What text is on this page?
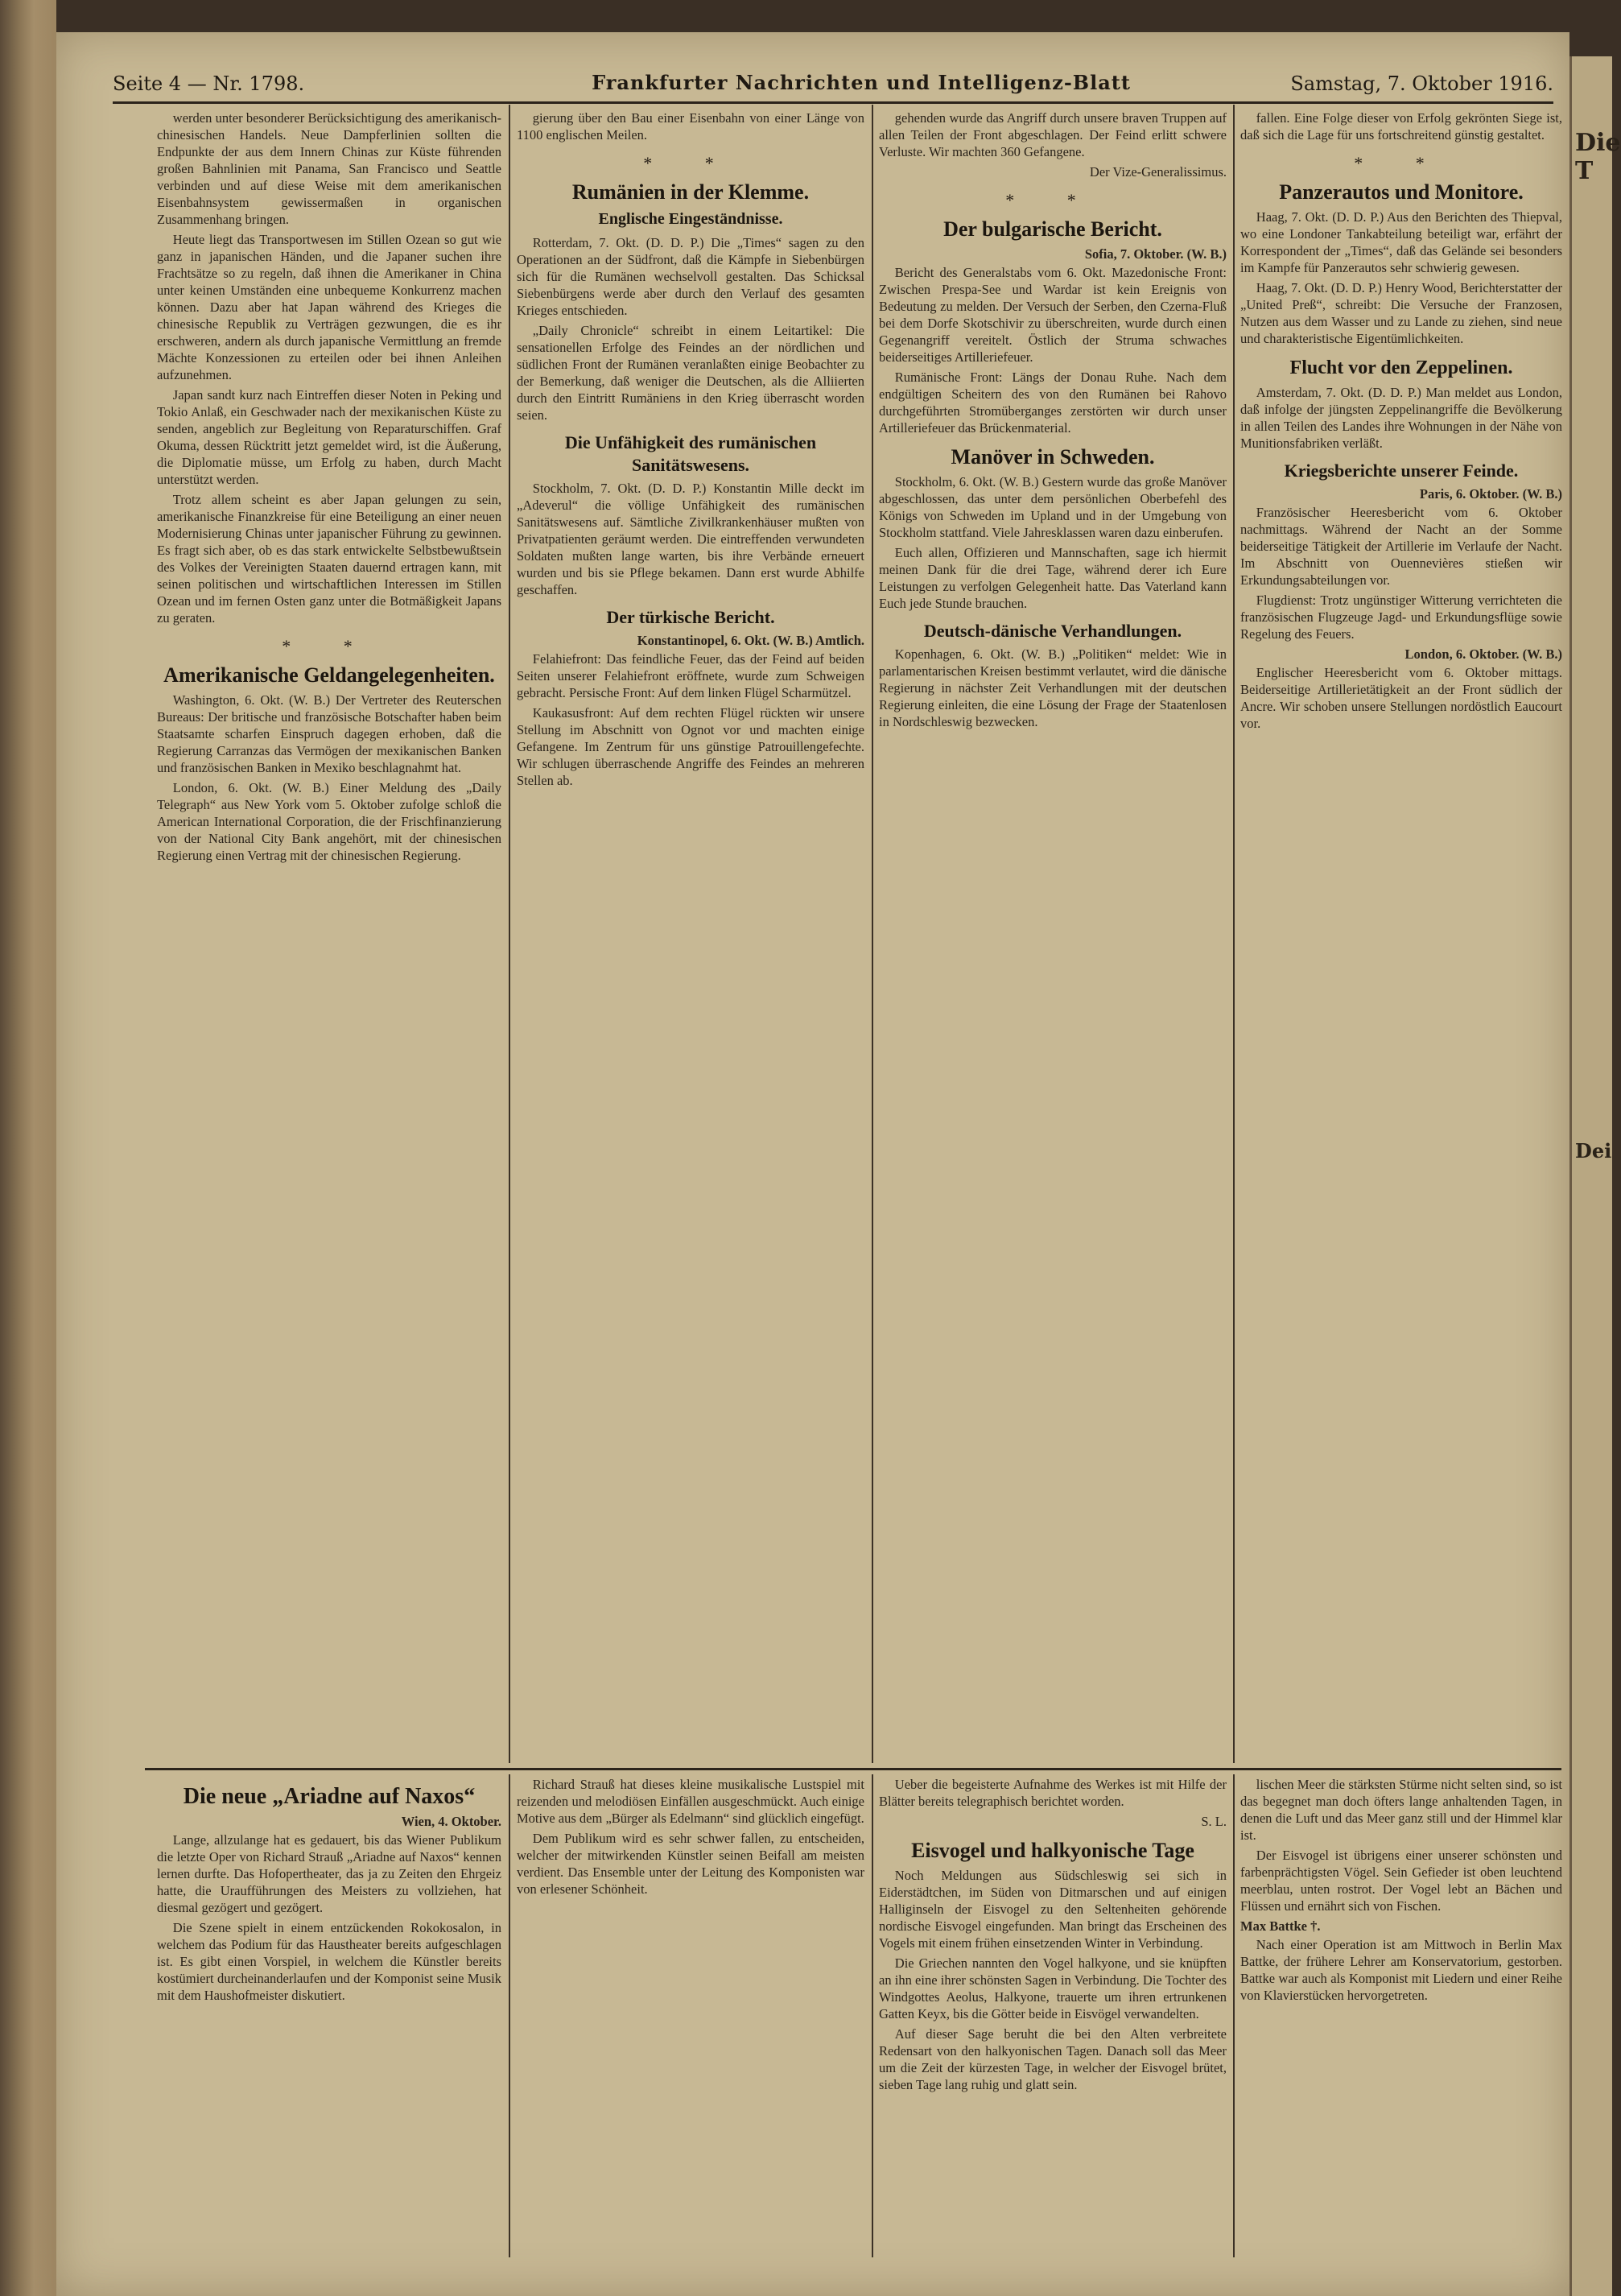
Die T
Dei
Seite 4 — Nr. 1798.	Frankfurter Nachrichten und Intelligenz-Blatt	Samstag, 7. Oktober 1916.

werden unter besonderer Berücksichtigung des amerikanisch-chinesischen Handels. Neue Dampferlinien sollten die Endpunkte der aus dem Innern Chinas zur Küste führenden großen Bahnlinien mit Panama, San Francisco und Seattle verbinden und auf diese Weise mit dem amerikanischen Eisenbahnsystem gewissermaßen in organischen Zusammenhang bringen.

Heute liegt das Transportwesen im Stillen Ozean so gut wie ganz in japanischen Händen, und die Japaner suchen ihre Frachtsätze so zu regeln, daß ihnen die Amerikaner in China unter keinen Umständen eine unbequeme Konkurrenz machen können. Dazu aber hat Japan während des Krieges die chinesische Republik zu Verträgen gezwungen, die es ihr erschweren, andern als durch japanische Vermittlung an fremde Mächte Konzessionen zu erteilen oder bei ihnen Anleihen aufzunehmen.

Japan sandt kurz nach Eintreffen dieser Noten in Peking und Tokio Anlaß, ein Geschwader nach der mexikanischen Küste zu senden, angeblich zur Begleitung von Reparaturschiffen. Graf Okuma, dessen Rücktritt jetzt gemeldet wird, ist die Äußerung, die Diplomatie müsse, um Erfolg zu haben, durch Macht unterstützt werden.

Trotz allem scheint es aber Japan gelungen zu sein, amerikanische Finanzkreise für eine Beteiligung an einer neuen Modernisierung Chinas unter japanischer Führung zu gewinnen. Es fragt sich aber, ob es das stark entwickelte Selbstbewußtsein des Volkes der Vereinigten Staaten dauernd ertragen kann, mit seinen politischen und wirtschaftlichen Interessen im Stillen Ozean und im fernen Osten ganz unter die Botmäßigkeit Japans zu geraten.

* *
Amerikanische Geldangelegenheiten.

Washington, 6. Okt. (W. B.) Der Vertreter des Reuterschen Bureaus: Der britische und französische Botschafter haben beim Staatsamte scharfen Einspruch dagegen erhoben, daß die Regierung Carranzas das Vermögen der mexikanischen Banken und französischen Banken in Mexiko beschlagnahmt hat.

London, 6. Okt. (W. B.) Einer Meldung des „Daily Telegraph“ aus New York vom 5. Oktober zufolge schloß die American International Corporation, die der Frischfinanzierung von der National City Bank angehört, mit der chinesischen Regierung einen Vertrag mit der chinesischen Regierung.

gierung über den Bau einer Eisenbahn von einer Länge von 1100 englischen Meilen.

* *
Rumänien in der Klemme.
Englische Eingeständnisse.

Rotterdam, 7. Okt. (D. D. P.) Die „Times“ sagen zu den Operationen an der Südfront, daß die Kämpfe in Siebenbürgen sich für die Rumänen wechselvoll gestalten. Das Schicksal Siebenbürgens werde aber durch den Verlauf des gesamten Krieges entschieden.

„Daily Chronicle“ schreibt in einem Leitartikel: Die sensationellen Erfolge des Feindes an der nördlichen und südlichen Front der Rumänen veranlaßten einige Beobachter zu der Bemerkung, daß weniger die Deutschen, als die Alliierten durch den Eintritt Rumäniens in den Krieg überrascht worden seien.

Die Unfähigkeit des rumänischen Sanitätswesens.

Stockholm, 7. Okt. (D. D. P.) Konstantin Mille deckt im „Adeverul“ die völlige Unfähigkeit des rumänischen Sanitätswesens auf. Sämtliche Zivilkrankenhäuser mußten von Privatpatienten geräumt werden. Die eintreffenden verwundeten Soldaten mußten lange warten, bis ihre Verbände erneuert wurden und bis sie Pflege bekamen. Dann erst wurde Abhilfe geschaffen.

Der türkische Bericht.
Konstantinopel, 6. Okt. (W. B.) Amtlich.

Felahiefront: Das feindliche Feuer, das der Feind auf beiden Seiten unserer Felahiefront eröffnete, wurde zum Schweigen gebracht. Persische Front: Auf dem linken Flügel Scharmützel.

Kaukasusfront: Auf dem rechten Flügel rückten wir unsere Stellung im Abschnitt von Ognot vor und machten einige Gefangene. Im Zentrum für uns günstige Patrouillengefechte. Wir schlugen überraschende Angriffe des Feindes an mehreren Stellen ab.

gehenden wurde das Angriff durch unsere braven Truppen auf allen Teilen der Front abgeschlagen. Der Feind erlitt schwere Verluste. Wir machten 360 Gefangene.

Der Vize-Generalissimus.
* *
Der bulgarische Bericht.
Sofia, 7. Oktober. (W. B.)

Bericht des Generalstabs vom 6. Okt. Mazedonische Front: Zwischen Prespa-See und Wardar ist kein Ereignis von Bedeutung zu melden. Der Versuch der Serben, den Czerna-Fluß bei dem Dorfe Skotschivir zu überschreiten, wurde durch einen Gegenangriff vereitelt. Östlich der Struma schwaches beiderseitiges Artilleriefeuer.

Rumänische Front: Längs der Donau Ruhe. Nach dem endgültigen Scheitern des von den Rumänen bei Rahovo durchgeführten Stromüberganges zerstörten wir durch unser Artilleriefeuer das Brückenmaterial.

Manöver in Schweden.

Stockholm, 6. Okt. (W. B.) Gestern wurde das große Manöver abgeschlossen, das unter dem persönlichen Oberbefehl des Königs von Schweden im Upland und in der Umgebung von Stockholm stattfand. Viele Jahresklassen waren dazu einberufen.

Euch allen, Offizieren und Mannschaften, sage ich hiermit meinen Dank für die drei Tage, während derer ich Eure Leistungen zu verfolgen Gelegenheit hatte. Das Vaterland kann Euch jede Stunde brauchen.

Deutsch-dänische Verhandlungen.

Kopenhagen, 6. Okt. (W. B.) „Politiken“ meldet: Wie in parlamentarischen Kreisen bestimmt verlautet, wird die dänische Regierung in nächster Zeit Verhandlungen mit der deutschen Regierung einleiten, die eine Lösung der Frage der Staatenlosen in Nordschleswig bezwecken.

fallen. Eine Folge dieser von Erfolg gekrönten Siege ist, daß sich die Lage für uns fortschreitend günstig gestaltet.

* *
Panzerautos und Monitore.

Haag, 7. Okt. (D. D. P.) Aus den Berichten des Thiepval, wo eine Londoner Tankabteilung beteiligt war, erfährt der Korrespondent der „Times“, daß das Gelände sei besonders im Kampfe für Panzerautos sehr schwierig gewesen.

Haag, 7. Okt. (D. D. P.) Henry Wood, Berichterstatter der „United Preß“, schreibt: Die Versuche der Franzosen, Nutzen aus dem Wasser und zu Lande zu ziehen, sind neue und charakteristische Eigentümlichkeiten.

Flucht vor den Zeppelinen.

Amsterdam, 7. Okt. (D. D. P.) Man meldet aus London, daß infolge der jüngsten Zeppelinangriffe die Bevölkerung in allen Teilen des Landes ihre Wohnungen in der Nähe von Munitionsfabriken verläßt.

Kriegsberichte unserer Feinde.
Paris, 6. Oktober. (W. B.)

Französischer Heeresbericht vom 6. Oktober nachmittags. Während der Nacht an der Somme beiderseitige Tätigkeit der Artillerie im Verlaufe der Nacht. Im Abschnitt von Ouennevières stießen wir Erkundungsabteilungen vor.

Flugdienst: Trotz ungünstiger Witterung verrichteten die französischen Flugzeuge Jagd- und Erkundungsflüge sowie Regelung des Feuers.

London, 6. Oktober. (W. B.)

Englischer Heeresbericht vom 6. Oktober mittags. Beiderseitige Artillerietätigkeit an der Front südlich der Ancre. Wir schoben unsere Stellungen nordöstlich Eaucourt vor.

Die neue „Ariadne auf Naxos“
Wien, 4. Oktober.

Lange, allzulange hat es gedauert, bis das Wiener Publikum die letzte Oper von Richard Strauß „Ariadne auf Naxos“ kennen lernen durfte. Das Hofopertheater, das ja zu Zeiten den Ehrgeiz hatte, die Uraufführungen des Meisters zu vollziehen, hat diesmal gezögert und gezögert.

Die Szene spielt in einem entzückenden Rokokosalon, in welchem das Podium für das Haustheater bereits aufgeschlagen ist. Es gibt einen Vorspiel, in welchem die Künstler bereits kostümiert durcheinanderlaufen und der Komponist seine Musik mit dem Haushofmeister diskutiert.

Richard Strauß hat dieses kleine musikalische Lustspiel mit reizenden und melodiösen Einfällen ausgeschmückt. Auch einige Motive aus dem „Bürger als Edelmann“ sind glücklich eingefügt.

Dem Publikum wird es sehr schwer fallen, zu entscheiden, welcher der mitwirkenden Künstler seinen Beifall am meisten verdient. Das Ensemble unter der Leitung des Komponisten war von erlesener Schönheit.

Ueber die begeisterte Aufnahme des Werkes ist mit Hilfe der Blätter bereits telegraphisch berichtet worden.

S. L.
Eisvogel und halkyonische Tage

Noch Meldungen aus Südschleswig sei sich in Eiderstädtchen, im Süden von Ditmarschen und auf einigen Halliginseln der Eisvogel zu den Seltenheiten gehörende nordische Eisvogel eingefunden. Man bringt das Erscheinen des Vogels mit einem frühen einsetzenden Winter in Verbindung.

Die Griechen nannten den Vogel halkyone, und sie knüpften an ihn eine ihrer schönsten Sagen in Verbindung. Die Tochter des Windgottes Aeolus, Halkyone, trauerte um ihren ertrunkenen Gatten Keyx, bis die Götter beide in Eisvögel verwandelten.

Auf dieser Sage beruht die bei den Alten verbreitete Redensart von den halkyonischen Tagen. Danach soll das Meer um die Zeit der kürzesten Tage, in welcher der Eisvogel brütet, sieben Tage lang ruhig und glatt sein.

lischen Meer die stärksten Stürme nicht selten sind, so ist das begegnet man doch öfters lange anhaltenden Tagen, in denen die Luft und das Meer ganz still und der Himmel klar ist.

Der Eisvogel ist übrigens einer unserer schönsten und farbenprächtigsten Vögel. Sein Gefieder ist oben leuchtend meerblau, unten rostrot. Der Vogel lebt an Bächen und Flüssen und ernährt sich von Fischen.

Max Battke †.

Nach einer Operation ist am Mittwoch in Berlin Max Battke, der frühere Lehrer am Konservatorium, gestorben. Battke war auch als Komponist mit Liedern und einer Reihe von Klavierstücken hervorgetreten.
